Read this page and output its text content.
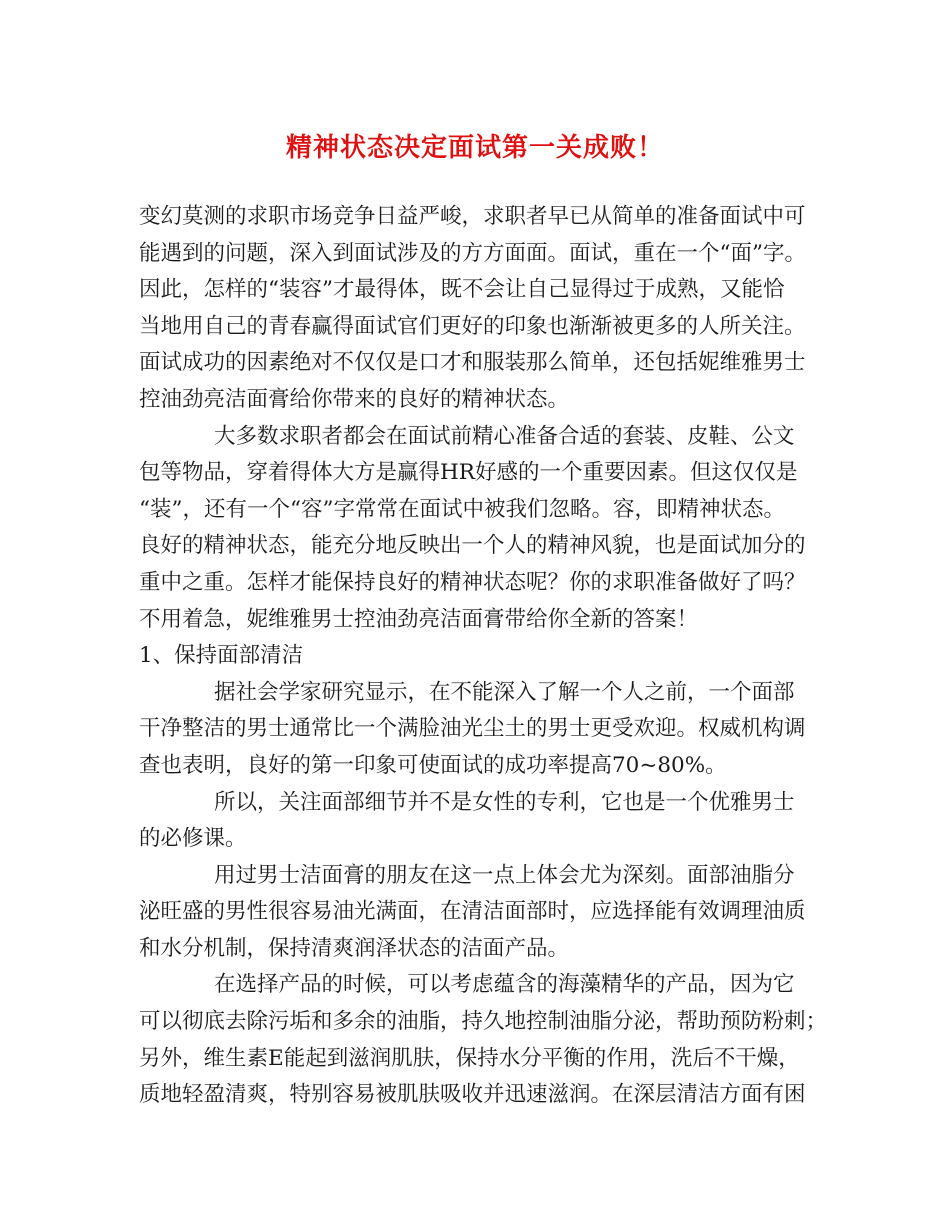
精神状态决定面试第一关成败！
变幻莫测的求职市场竞争日益严峻，求职者早已从简单的准备面试中可
能遇到的问题，深入到面试涉及的方方面面。面试，重在一个“面”字。
因此，怎样的“装容”才最得体，既不会让自己显得过于成熟，又能恰
当地用自己的青春赢得面试官们更好的印象也渐渐被更多的人所关注。
面试成功的因素绝对不仅仅是口才和服装那么简单，还包括妮维雅男士
控油劲亮洁面膏给你带来的良好的精神状态。
大多数求职者都会在面试前精心准备合适的套装、皮鞋、公文
包等物品，穿着得体大方是赢得HR好感的一个重要因素。但这仅仅是
“装”，还有一个“容”字常常在面试中被我们忽略。容，即精神状态。
良好的精神状态，能充分地反映出一个人的精神风貌，也是面试加分的
重中之重。怎样才能保持良好的精神状态呢？你的求职准备做好了吗？
不用着急，妮维雅男士控油劲亮洁面膏带给你全新的答案！
1、保持面部清洁
据社会学家研究显示，在不能深入了解一个人之前，一个面部
干净整洁的男士通常比一个满脸油光尘土的男士更受欢迎。权威机构调
查也表明，良好的第一印象可使面试的成功率提高70~80%。
所以，关注面部细节并不是女性的专利，它也是一个优雅男士
的必修课。
用过男士洁面膏的朋友在这一点上体会尤为深刻。面部油脂分
泌旺盛的男性很容易油光满面，在清洁面部时，应选择能有效调理油质
和水分机制，保持清爽润泽状态的洁面产品。
在选择产品的时候，可以考虑蕴含的海藻精华的产品，因为它
可以彻底去除污垢和多余的油脂，持久地控制油脂分泌，帮助预防粉刺；
另外，维生素E能起到滋润肌肤，保持水分平衡的作用，洗后不干燥，
质地轻盈清爽，特别容易被肌肤吸收并迅速滋润。在深层清洁方面有困
